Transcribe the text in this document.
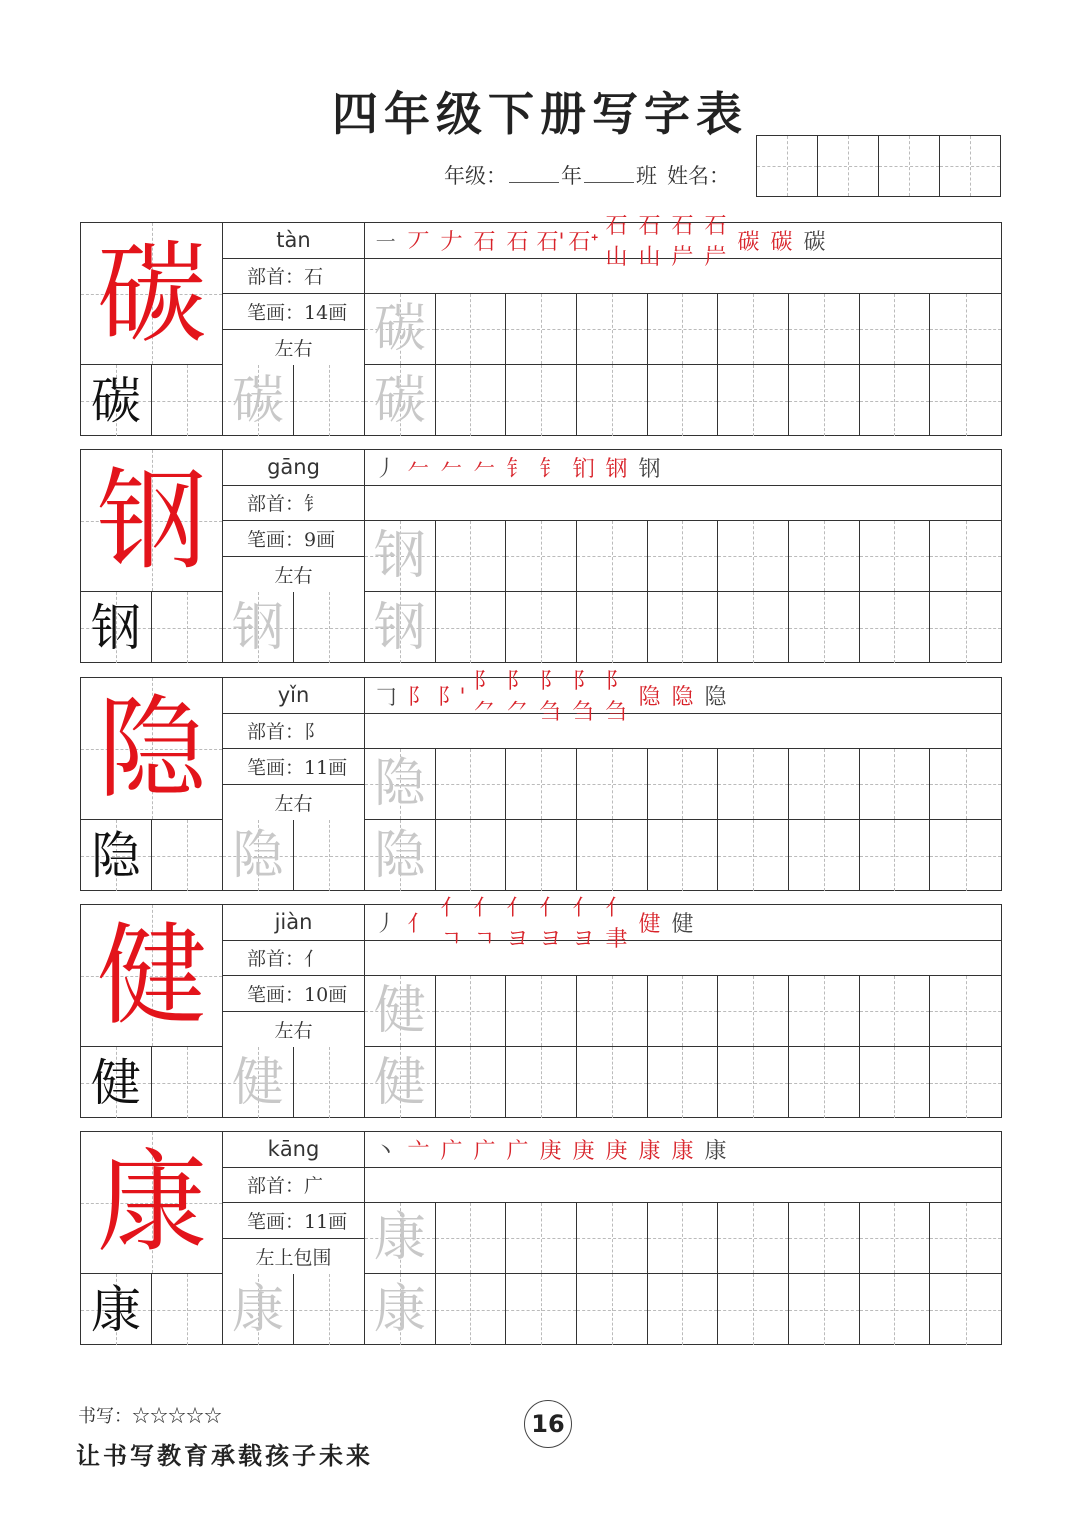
四年级下册写字表
年级：	年	班 姓名：
碳	tàn
部首：石
笔画：14画
左右
㇐ 丆 𠂇 石 石 石' 石ᐩ
石山
石山
石屵
石屵
碳 碳 碳
碳
碳 碳 碳
钢	gāng
部首：钅
笔画：9画
左右
丿 𠂉 𠂉 𠂉 钅 钅 钔 钢 钢
钢
钢 钢 钢
隐	yǐn
部首：阝
笔画：11画
左右
𠃌 阝 阝'
阝⺈
阝⺈
阝刍
阝刍
阝刍
隐 隐 隐
隐
隐 隐 隐
健	jiàn
部首：亻
笔画：10画
左右
丿 亻
亻ㄱ
亻ㄱ
亻ヨ
亻ヨ
亻ヨ
亻聿
健 健
健
健 健 健
康	kāng
部首：广
笔画：11画
左上包围
丶 亠 广 广 广 庚 庚 庚 康 康 康
康
康 康 康
书写：☆☆☆☆☆	16
让书写教育承载孩子未来
